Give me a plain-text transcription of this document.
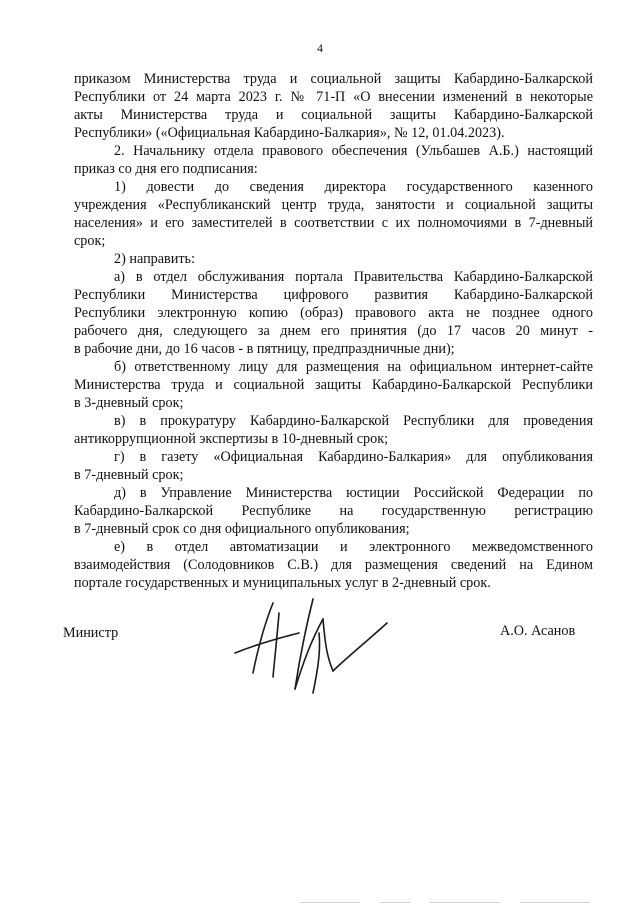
4
приказом Министерства труда и социальной защиты Кабардино-Балкарской
Республики от 24 марта 2023 г. № 71-П «О внесении изменений в некоторые
акты Министерства труда и социальной защиты Кабардино-Балкарской
Республики» («Официальная Кабардино-Балкария», № 12, 01.04.2023).
2. Начальнику отдела правового обеспечения (Ульбашев А.Б.) настоящий
приказ со дня его подписания:
1) довести до сведения директора государственного казенного
учреждения «Республиканский центр труда, занятости и социальной защиты
населения» и его заместителей в соответствии с их полномочиями в 7-дневный
срок;
2) направить:
а) в отдел обслуживания портала Правительства Кабардино-Балкарской
Республики Министерства цифрового развития Кабардино-Балкарской
Республики электронную копию (образ) правового акта не позднее одного
рабочего дня, следующего за днем его принятия (до 17 часов 20 минут -
в рабочие дни, до 16 часов - в пятницу, предпраздничные дни);
б) ответственному лицу для размещения на официальном интернет-сайте
Министерства труда и социальной защиты Кабардино-Балкарской Республики
в 3-дневный срок;
в) в прокуратуру Кабардино-Балкарской Республики для проведения
антикоррупционной экспертизы в 10-дневный срок;
г) в газету «Официальная Кабардино-Балкария» для опубликования
в 7-дневный срок;
д) в Управление Министерства юстиции Российской Федерации по
Кабардино-Балкарской Республике на государственную регистрацию
в 7-дневный срок со дня официального опубликования;
е) в отдел автоматизации и электронного межведомственного
взаимодействия (Солодовников С.В.) для размещения сведений на Едином
портале государственных и муниципальных услуг в 2-дневный срок.
Министр	А.О. Асанов
